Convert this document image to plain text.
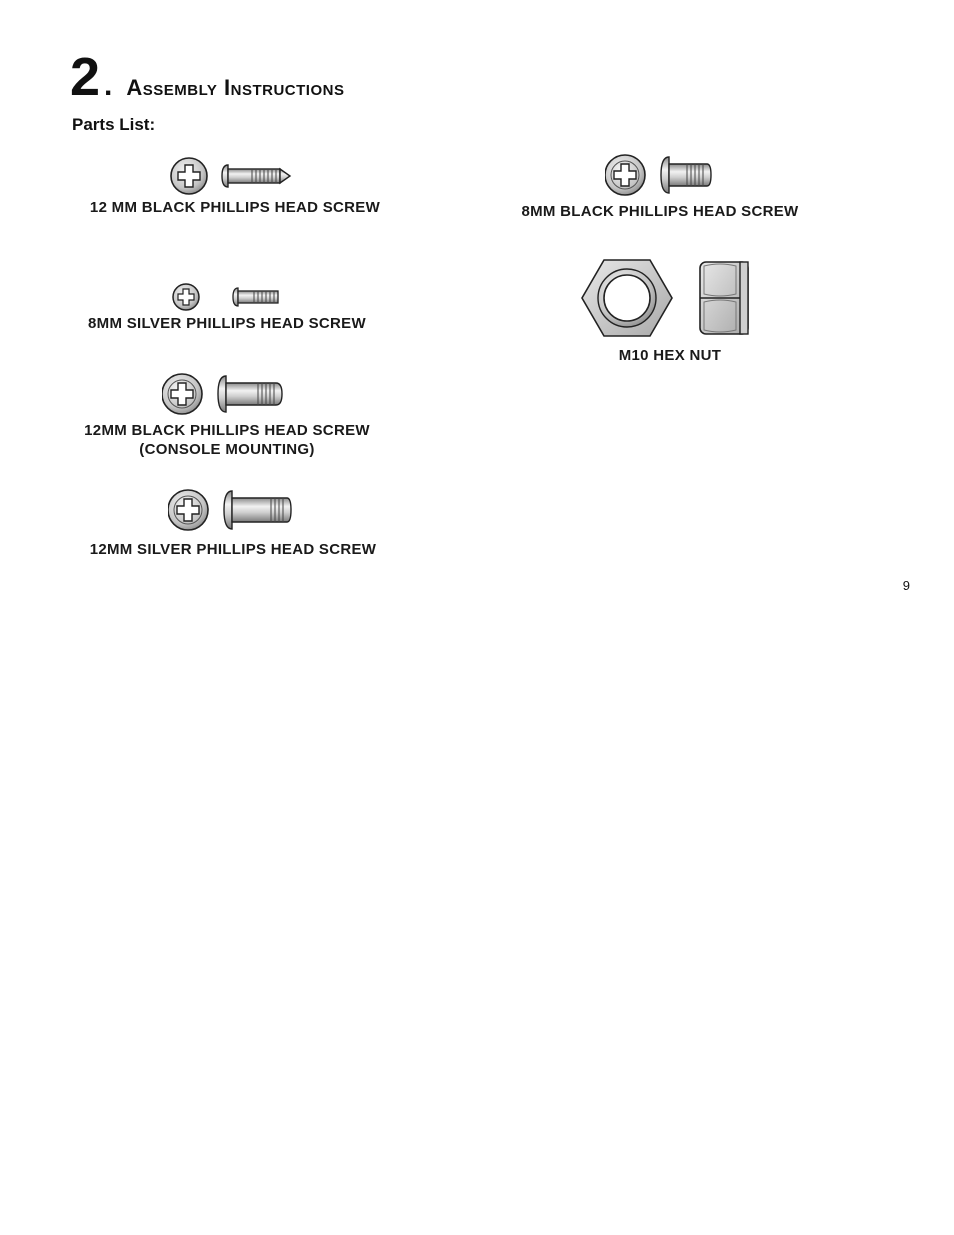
2 . Assembly Instructions
Parts List:
12 MM BLACK PHILLIPS HEAD SCREW
8MM SILVER PHILLIPS HEAD SCREW
12MM BLACK PHILLIPS HEAD SCREW
(CONSOLE MOUNTING)
12MM SILVER PHILLIPS HEAD SCREW
8MM BLACK PHILLIPS HEAD SCREW
M10 HEX NUT
9
